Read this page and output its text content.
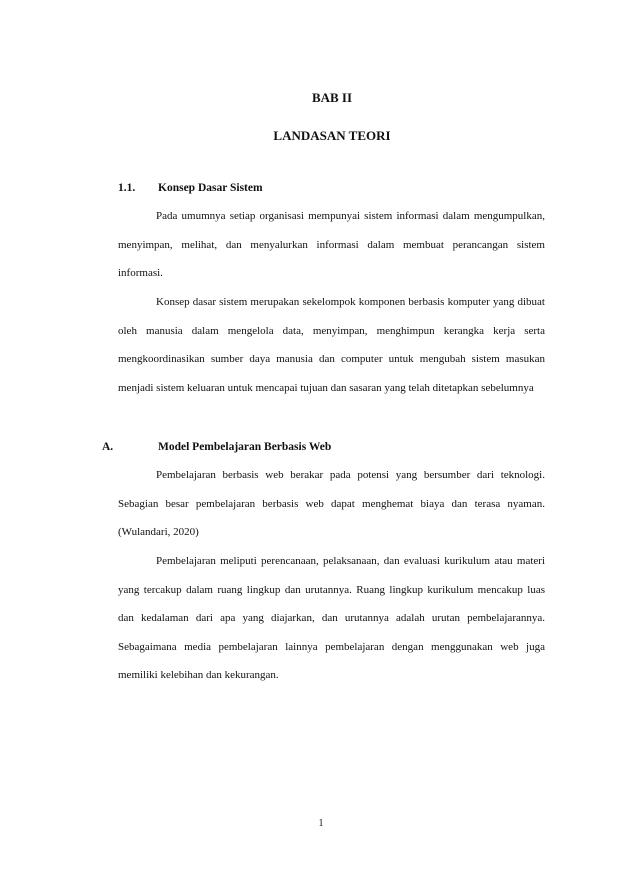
BAB II
LANDASAN TEORI
1.1. Konsep Dasar Sistem

Pada umumnya setiap organisasi mempunyai sistem informasi dalam mengumpulkan, menyimpan, melihat, dan menyalurkan informasi dalam membuat perancangan sistem informasi.

Konsep dasar sistem merupakan sekelompok komponen berbasis komputer yang dibuat oleh manusia dalam mengelola data, menyimpan, menghimpun kerangka kerja serta mengkoordinasikan sumber daya manusia dan computer untuk mengubah sistem masukan menjadi sistem keluaran untuk mencapai tujuan dan sasaran yang telah ditetapkan sebelumnya

A.	Model Pembelajaran Berbasis Web

Pembelajaran berbasis web berakar pada potensi yang bersumber dari teknologi. Sebagian besar pembelajaran berbasis web dapat menghemat biaya dan terasa nyaman.(Wulandari, 2020)

Pembelajaran meliputi perencanaan, pelaksanaan, dan evaluasi kurikulum atau materi yang tercakup dalam ruang lingkup dan urutannya. Ruang lingkup kurikulum mencakup luas dan kedalaman dari apa yang diajarkan, dan urutannya adalah urutan pembelajarannya. Sebagaimana media pembelajaran lainnya pembelajaran dengan menggunakan web juga memiliki kelebihan dan kekurangan.

1
